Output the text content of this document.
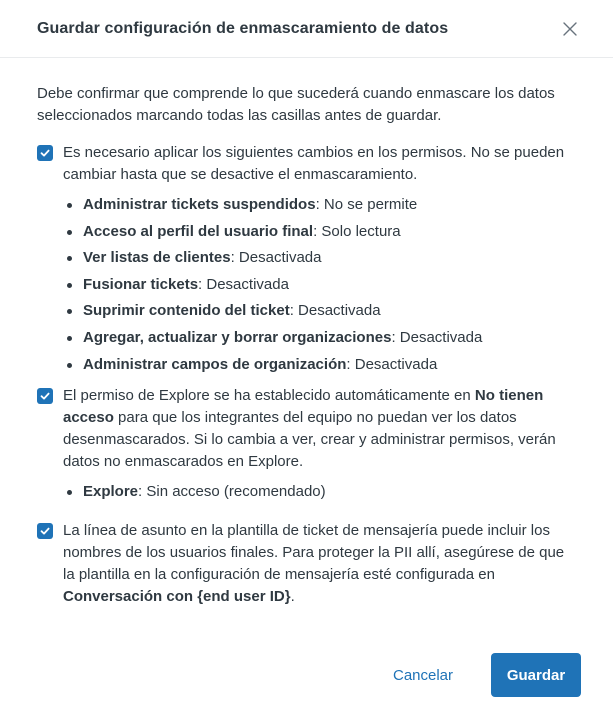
Guardar configuración de enmascaramiento de datos

Debe confirmar que comprende lo que sucederá cuando enmascare los datos seleccionados marcando todas las casillas antes de guardar.

Es necesario aplicar los siguientes cambios en los permisos. No se pueden cambiar hasta que se desactive el enmascaramiento.
Administrar tickets suspendidos: No se permite
Acceso al perfil del usuario final: Solo lectura
Ver listas de clientes: Desactivada
Fusionar tickets: Desactivada
Suprimir contenido del ticket: Desactivada
Agregar, actualizar y borrar organizaciones: Desactivada
Administrar campos de organización: Desactivada
El permiso de Explore se ha establecido automáticamente en No tienen acceso para que los integrantes del equipo no puedan ver los datos desenmascarados. Si lo cambia a ver, crear y administrar permisos, verán datos no enmascarados en Explore.
Explore: Sin acceso (recomendado)
La línea de asunto en la plantilla de ticket de mensajería puede incluir los nombres de los usuarios finales. Para proteger la PII allí, asegúrese de que la plantilla en la configuración de mensajería esté configurada en Conversación con {end user ID}.
Cancelar	Guardar
